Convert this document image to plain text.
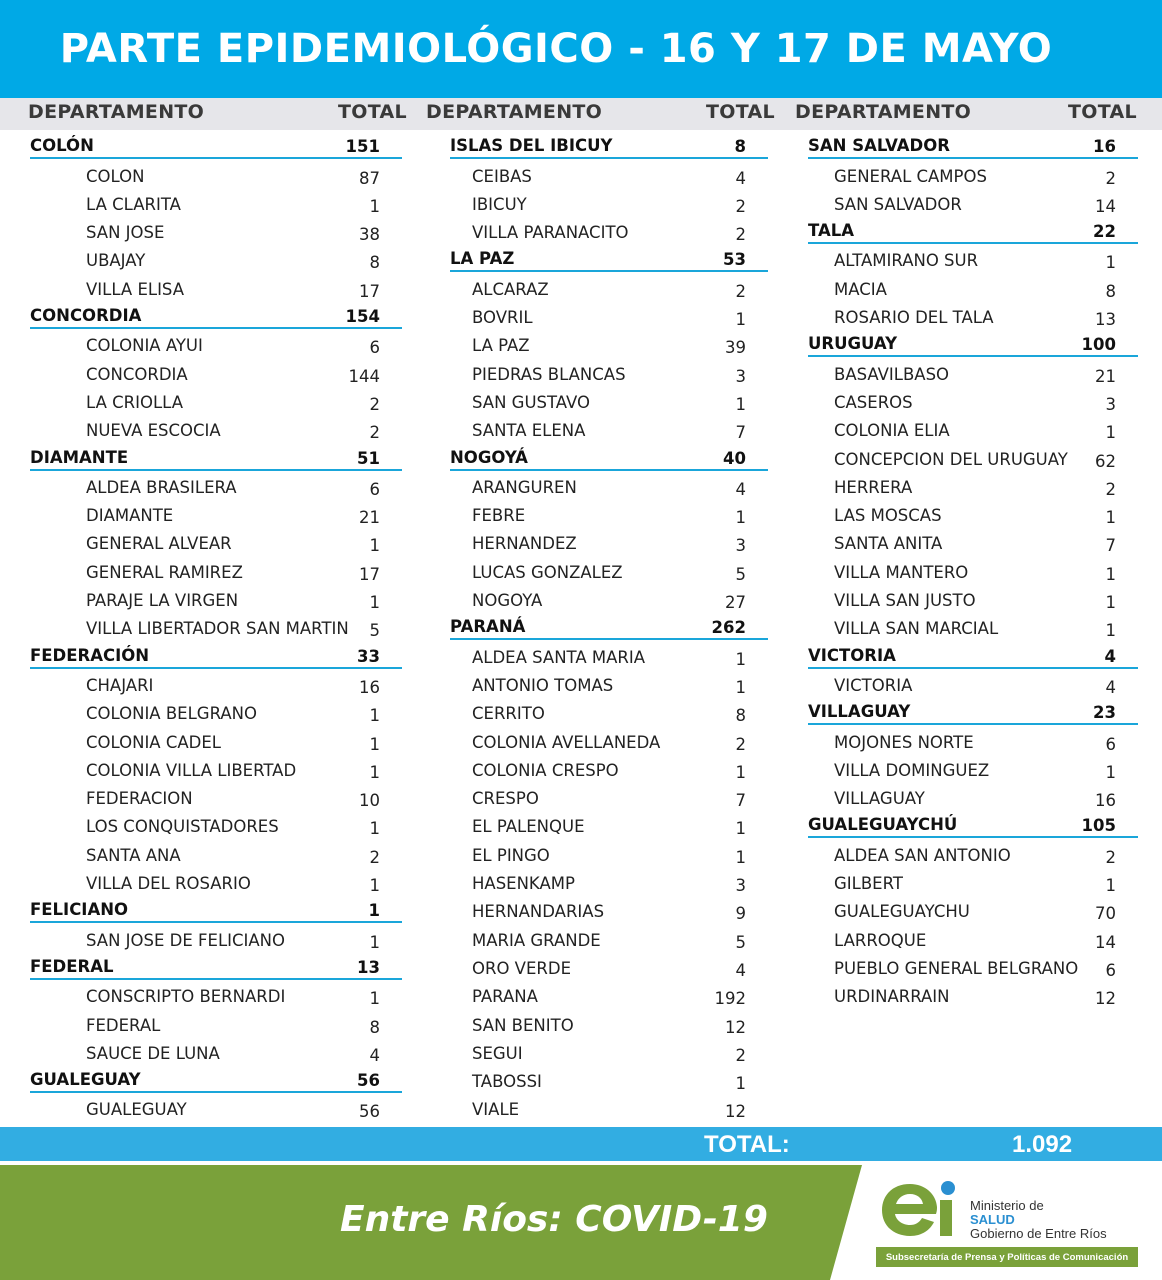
PARTE EPIDEMIOLÓGICO - 16 Y 17 DE MAYO
DEPARTAMENTO	TOTAL DEPARTAMENTO	TOTAL DEPARTAMENTO	TOTAL
COLÓN	151
COLON	87
LA CLARITA	1
SAN JOSE	38
UBAJAY	8
VILLA ELISA	17
CONCORDIA	154
COLONIA AYUI	6
CONCORDIA	144
LA CRIOLLA	2
NUEVA ESCOCIA	2
DIAMANTE	51
ALDEA BRASILERA	6
DIAMANTE	21
GENERAL ALVEAR	1
GENERAL RAMIREZ	17
PARAJE LA VIRGEN	1
VILLA LIBERTADOR SAN MARTIN 5
FEDERACIÓN	33
CHAJARI	16
COLONIA BELGRANO	1
COLONIA CADEL	1
COLONIA VILLA LIBERTAD	1
FEDERACION	10
LOS CONQUISTADORES	1
SANTA ANA	2
VILLA DEL ROSARIO	1
FELICIANO	1
SAN JOSE DE FELICIANO	1
FEDERAL	13
CONSCRIPTO BERNARDI	1
FEDERAL	8
SAUCE DE LUNA	4
GUALEGUAY	56
GUALEGUAY	56
ISLAS DEL IBICUY	8
CEIBAS	4
IBICUY	2
VILLA PARANACITO	2
LA PAZ	53
ALCARAZ	2
BOVRIL	1
LA PAZ	39
PIEDRAS BLANCAS	3
SAN GUSTAVO	1
SANTA ELENA	7
NOGOYÁ	40
ARANGUREN	4
FEBRE	1
HERNANDEZ	3
LUCAS GONZALEZ	5
NOGOYA	27
PARANÁ	262
ALDEA SANTA MARIA	1
ANTONIO TOMAS	1
CERRITO	8
COLONIA AVELLANEDA	2
COLONIA CRESPO	1
CRESPO	7
EL PALENQUE	1
EL PINGO	1
HASENKAMP	3
HERNANDARIAS	9
MARIA GRANDE	5
ORO VERDE	4
PARANA	192
SAN BENITO	12
SEGUI	2
TABOSSI	1
VIALE	12
SAN SALVADOR	16
GENERAL CAMPOS	2
SAN SALVADOR	14
TALA	22
ALTAMIRANO SUR	1
MACIA	8
ROSARIO DEL TALA	13
URUGUAY	100
BASAVILBASO	21
CASEROS	3
COLONIA ELIA	1
CONCEPCION DEL URUGUAY 62
HERRERA	2
LAS MOSCAS	1
SANTA ANITA	7
VILLA MANTERO	1
VILLA SAN JUSTO	1
VILLA SAN MARCIAL	1
VICTORIA	4
VICTORIA	4
VILLAGUAY	23
MOJONES NORTE	6
VILLA DOMINGUEZ	1
VILLAGUAY	16
GUALEGUAYCHÚ	105
ALDEA SAN ANTONIO	2
GILBERT	1
GUALEGUAYCHU	70
LARROQUE	14
PUEBLO GENERAL BELGRANO 6
URDINARRAIN	12
TOTAL:	1.092
Entre Ríos: COVID-19	Ministerio de
SALUD
Gobierno de Entre Ríos
Subsecretaría de Prensa y Políticas de Comunicación
